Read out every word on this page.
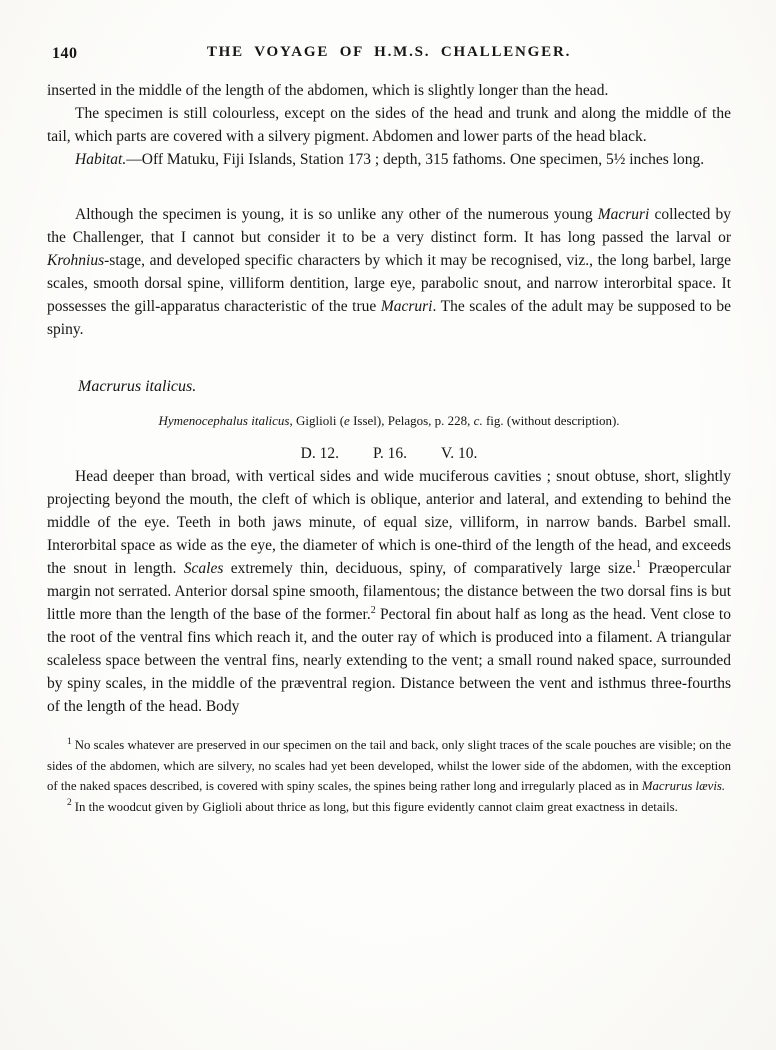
140	THE VOYAGE OF H.M.S. CHALLENGER.

inserted in the middle of the length of the abdomen, which is slightly longer than the head.

The specimen is still colourless, except on the sides of the head and trunk and along the middle of the tail, which parts are covered with a silvery pigment. Abdomen and lower parts of the head black.

Habitat.—Off Matuku, Fiji Islands, Station 173 ; depth, 315 fathoms. One specimen, 5½ inches long.

Although the specimen is young, it is so unlike any other of the numerous young Macruri collected by the Challenger, that I cannot but consider it to be a very distinct form. It has long passed the larval or Krohnius-stage, and developed specific characters by which it may be recognised, viz., the long barbel, large scales, smooth dorsal spine, villiform dentition, large eye, parabolic snout, and narrow interorbital space. It possesses the gill-apparatus characteristic of the true Macruri. The scales of the adult may be supposed to be spiny.

Macrurus italicus.

Hymenocephalus italicus, Giglioli (e Issel), Pelagos, p. 228, c. fig. (without description).

D. 12. P. 16. V. 10.

Head deeper than broad, with vertical sides and wide muciferous cavities ; snout obtuse, short, slightly projecting beyond the mouth, the cleft of which is oblique, anterior and lateral, and extending to behind the middle of the eye. Teeth in both jaws minute, of equal size, villiform, in narrow bands. Barbel small. Interorbital space as wide as the eye, the diameter of which is one-third of the length of the head, and exceeds the snout in length. Scales extremely thin, deciduous, spiny, of comparatively large size.$^1$ Præopercular margin not serrated. Anterior dorsal spine smooth, filamentous; the distance between the two dorsal fins is but little more than the length of the base of the former.$^2$ Pectoral fin about half as long as the head. Vent close to the root of the ventral fins which reach it, and the outer ray of which is produced into a filament. A triangular scaleless space between the ventral fins, nearly extending to the vent; a small round naked space, surrounded by spiny scales, in the middle of the præventral region. Distance between the vent and isthmus three-fourths of the length of the head. Body

$^1$ No scales whatever are preserved in our specimen on the tail and back, only slight traces of the scale pouches are visible; on the sides of the abdomen, which are silvery, no scales had yet been developed, whilst the lower side of the abdomen, with the exception of the naked spaces described, is covered with spiny scales, the spines being rather long and irregularly placed as in Macrurus lævis.

$^2$ In the woodcut given by Giglioli about thrice as long, but this figure evidently cannot claim great exactness in details.
